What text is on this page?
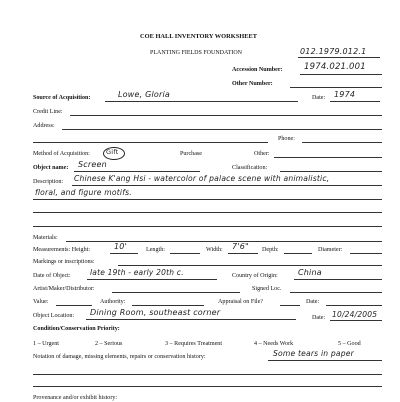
COE HALL INVENTORY WORKSHEET
PLANTING FIELDS FOUNDATION	012.1979.012.1
Accession Number:	1974.021.001
Other Number:
Source of Acquisition:	Lowe, Gloria	Date: 1974
Credit Line:
Address:
Phone:
Method of Acquisition: Gift	Purchase	Other:
Object name: Screen	Classification:
Description: Chinese K'ang Hsi - watercolor of palace scene with animalistic,
floral, and figure motifs.
Materials:
Measurements: Height:	10'	Length:	Width: 7'6" Depth:	Diameter:
Markings or inscriptions:
Date of Object:	late 19th - early 20th c.	Country of Origin:	China
Artist/Maker/Distributor:	Signed Loc.
Value:	Authority:	Appraisal on File?	Date:
Object Location: Dining Room, southeast corner
Date: 10/24/2005
Condition/Conservation Priority:
1 – Urgent	2 – Serious	3 – Requires Treatment	4 – Needs Work	5 – Good
Notation of damage, missing elements, repairs or conservation history:	Some tears in paper
Provenance and/or exhibit history:
